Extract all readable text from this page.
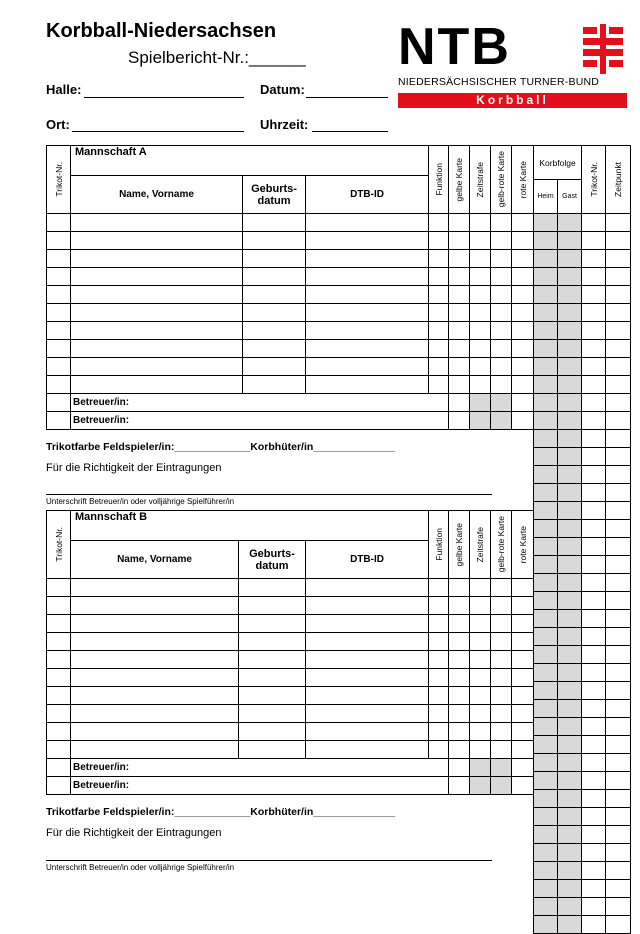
Korbball-Niedersachsen
Spielbericht-Nr.:______
Halle:	Datum:
Ort:	Uhrzeit:
NTB
NIEDERSÄCHSISCHER TURNER-BUND
Korbball
Trikot-Nr.	Mannschaft A			Funktion	gelbe Karte	Zeitstrafe	gelb-rote Karte	rote Karte

	Name, Vorname	Geburts-datum	DTB-ID					

	Betreuer/in:							
	Betreuer/in:							
Trikotfarbe Feldspieler/in:_____________Korbhüter/in______________
Für die Richtigkeit der Eintragungen
Unterschrift Betreuer/in oder volljährige Spielführer/in
Trikot-Nr.	Mannschaft B			Funktion	gelbe Karte	Zeitstrafe	gelb-rote Karte	rote Karte

	Name, Vorname	Geburts-datum	DTB-ID					

	Betreuer/in:							
	Betreuer/in:							
Trikotfarbe Feldspieler/in:_____________Korbhüter/in______________
Für die Richtigkeit der Eintragungen
Unterschrift Betreuer/in oder volljährige Spielführer/in
Korbfolge		Trikot-Nr.	Zeitpunkt

Heim	Gast		
